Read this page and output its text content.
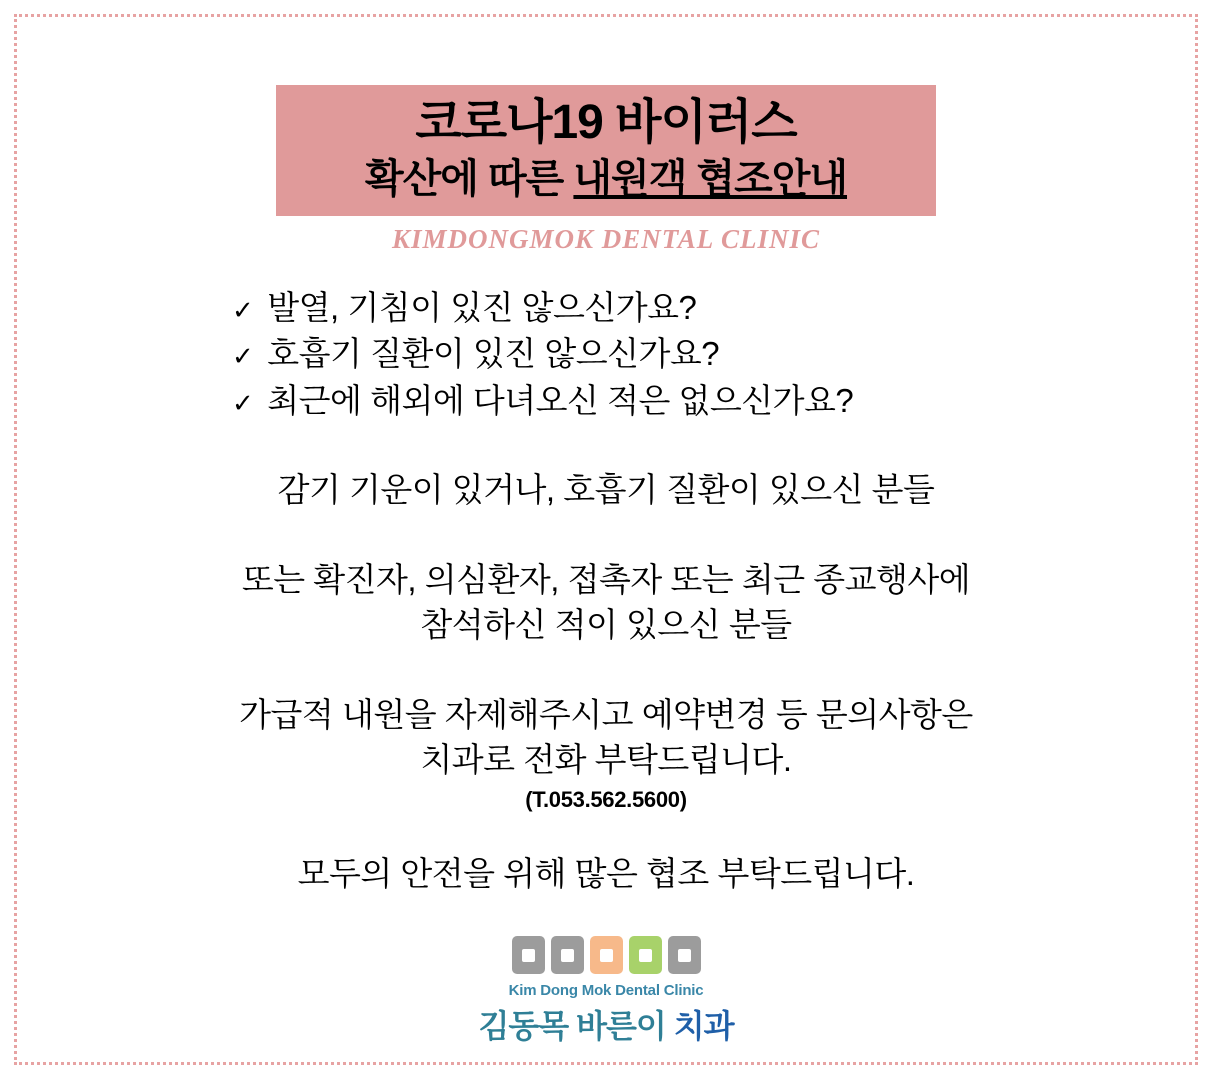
코로나19 바이러스
확산에 따른 내원객 협조안내
KIMDONGMOK DENTAL CLINIC
✓ 발열, 기침이 있진 않으신가요?
✓ 호흡기 질환이 있진 않으신가요?
✓ 최근에 해외에 다녀오신 적은 없으신가요?
감기 기운이 있거나, 호흡기 질환이 있으신 분들
또는 확진자, 의심환자, 접촉자 또는 최근 종교행사에
참석하신 적이 있으신 분들
가급적 내원을 자제해주시고 예약변경 등 문의사항은
치과로 전화 부탁드립니다.
(T.053.562.5600)
모두의 안전을 위해 많은 협조 부탁드립니다.
Kim Dong Mok Dental Clinic
김동목 바른이 치과
